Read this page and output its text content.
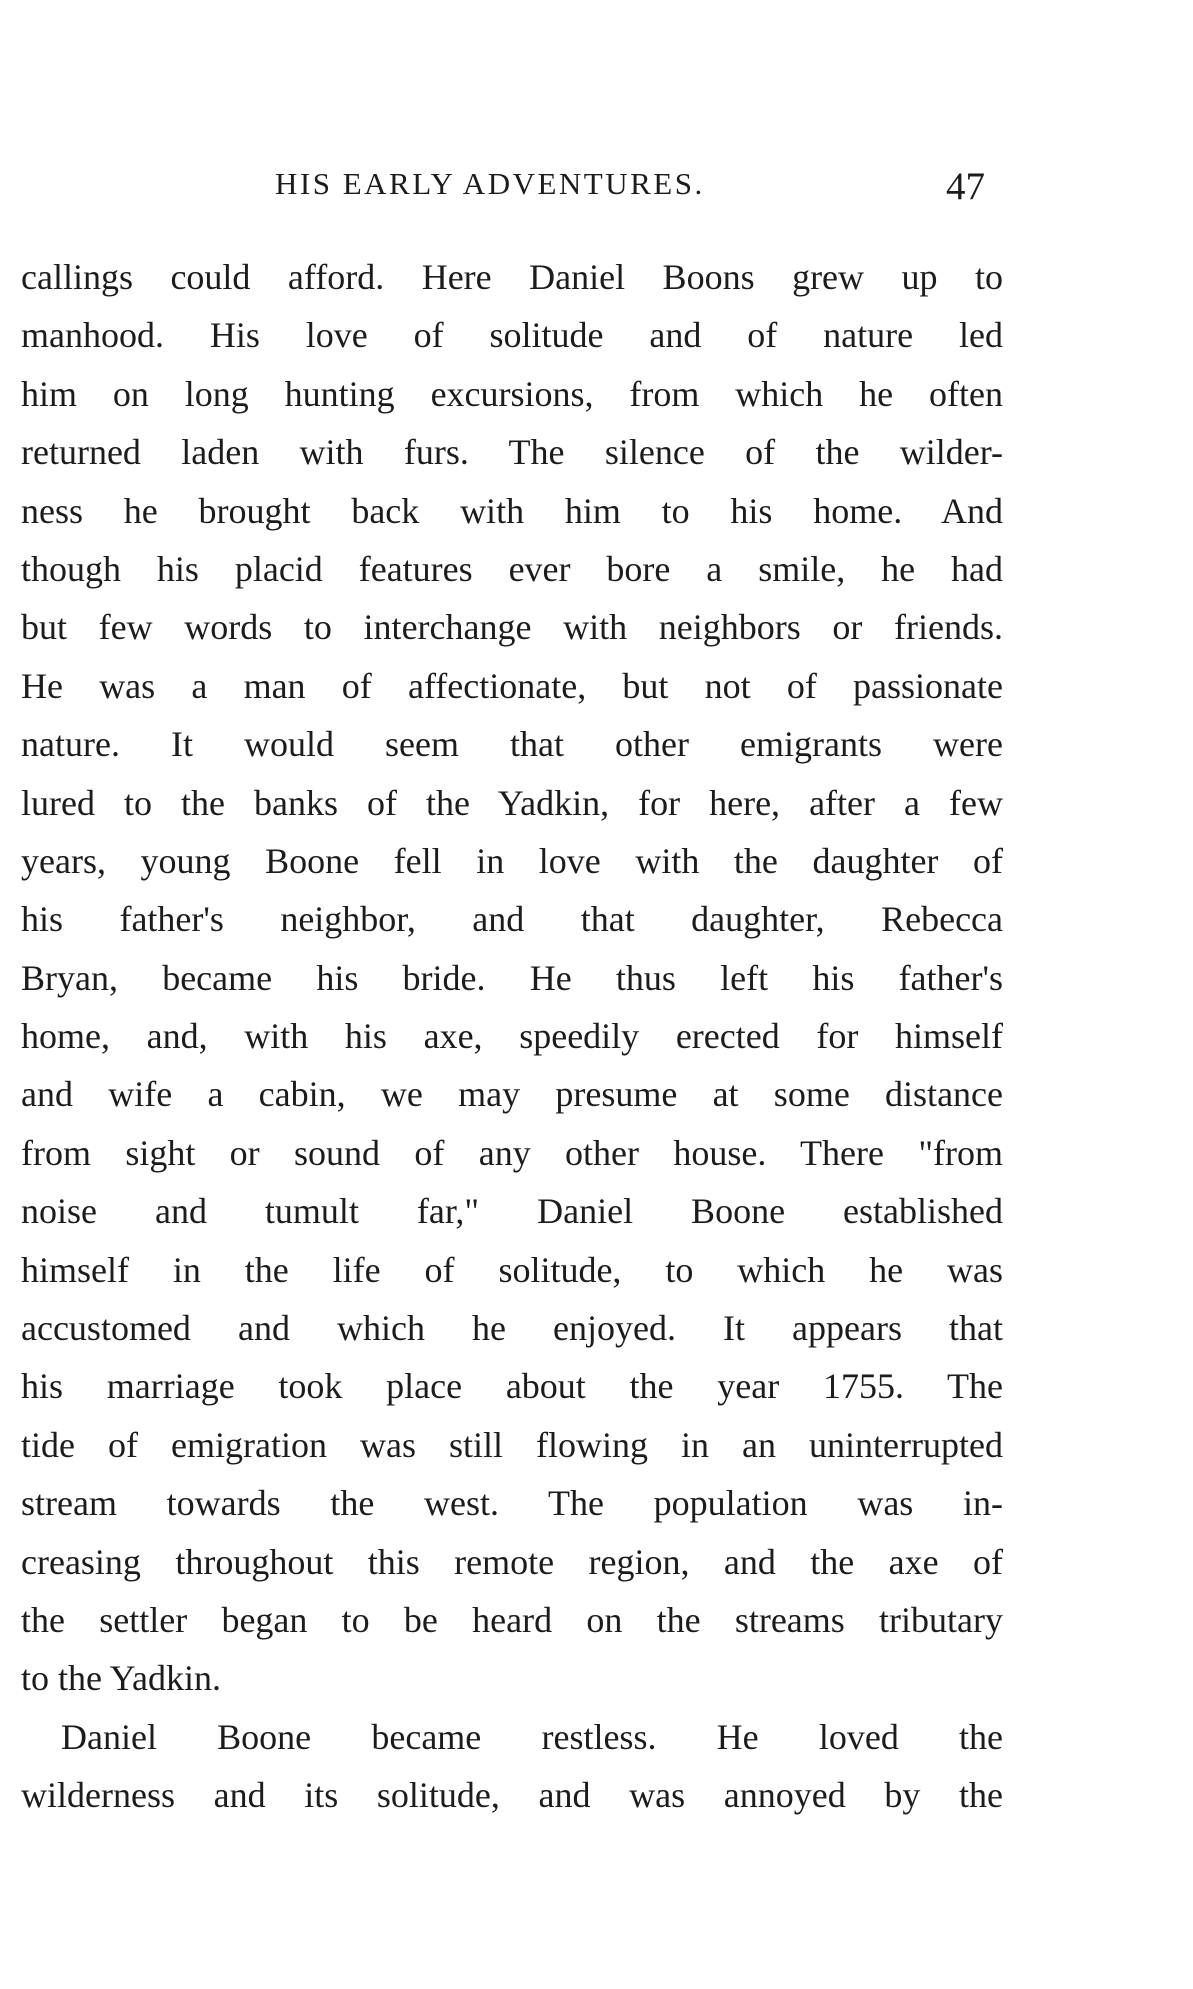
HIS EARLY ADVENTURES.	47
callings could afford. Here Daniel Boons grew up to
manhood. His love of solitude and of nature led
him on long hunting excursions, from which he often
returned laden with furs. The silence of the wilder-
ness he brought back with him to his home. And
though his placid features ever bore a smile, he had
but few words to interchange with neighbors or friends.
He was a man of affectionate, but not of passionate
nature. It would seem that other emigrants were
lured to the banks of the Yadkin, for here, after a few
years, young Boone fell in love with the daughter of
his father's neighbor, and that daughter, Rebecca
Bryan, became his bride. He thus left his father's
home, and, with his axe, speedily erected for himself
and wife a cabin, we may presume at some distance
from sight or sound of any other house. There "from
noise and tumult far," Daniel Boone established
himself in the life of solitude, to which he was
accustomed and which he enjoyed. It appears that
his marriage took place about the year 1755. The
tide of emigration was still flowing in an uninterrupted
stream towards the west. The population was in-
creasing throughout this remote region, and the axe of
the settler began to be heard on the streams tributary
to the Yadkin.
Daniel Boone became restless. He loved the
wilderness and its solitude, and was annoyed by the
